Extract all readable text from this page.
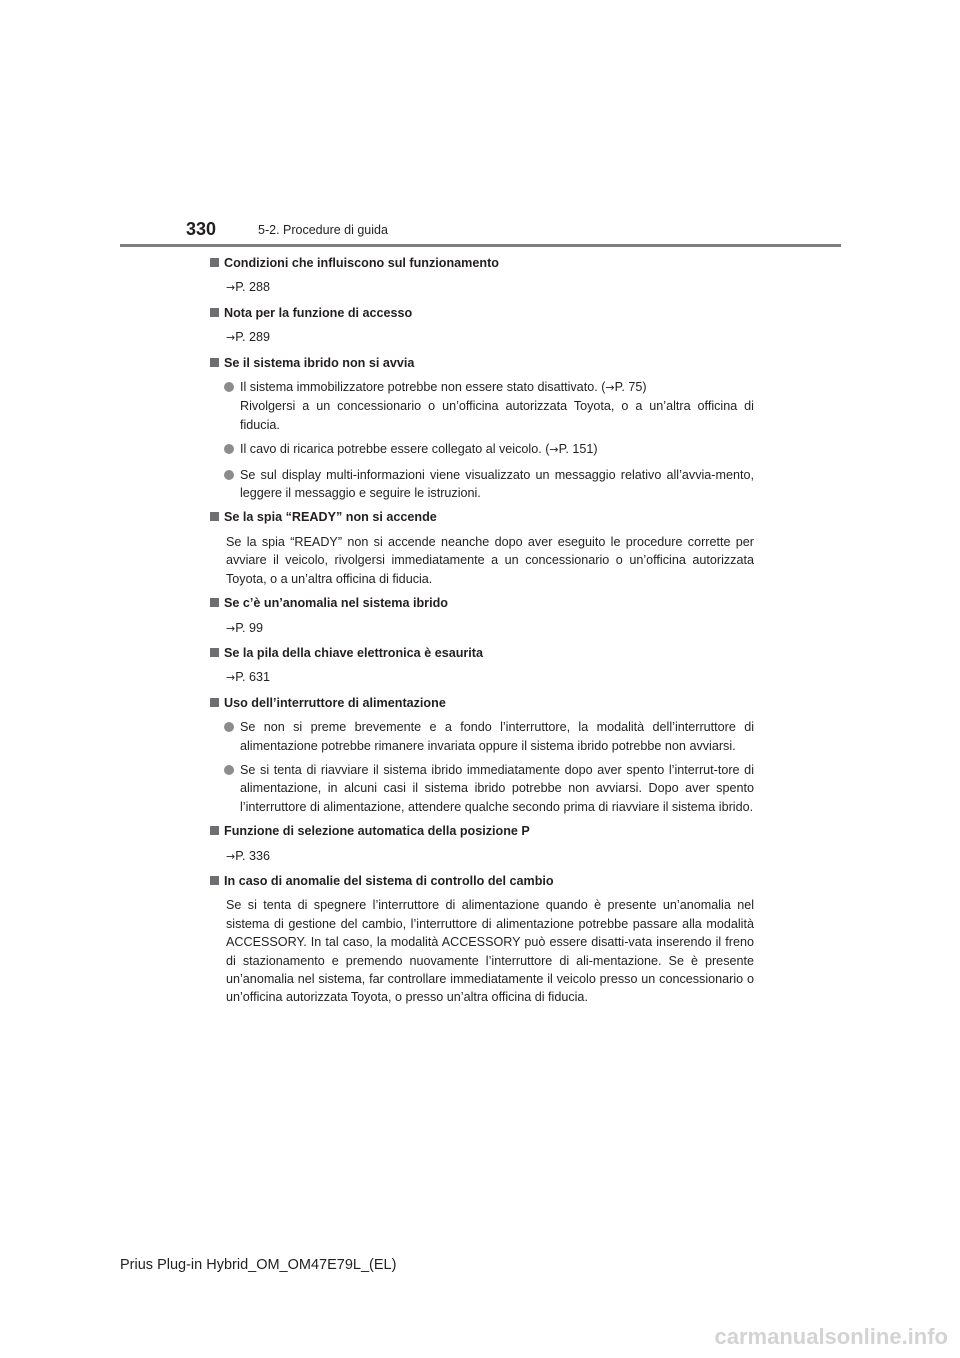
330	5-2. Procedure di guida
Condizioni che influiscono sul funzionamento
→P. 288
Nota per la funzione di accesso
→P. 289
Se il sistema ibrido non si avvia
Il sistema immobilizzatore potrebbe non essere stato disattivato. (→P. 75)
Rivolgersi a un concessionario o un’officina autorizzata Toyota, o a un’altra officina di fiducia.
Il cavo di ricarica potrebbe essere collegato al veicolo. (→P. 151)
Se sul display multi-informazioni viene visualizzato un messaggio relativo all’avvia-mento, leggere il messaggio e seguire le istruzioni.
Se la spia “READY” non si accende
Se la spia “READY” non si accende neanche dopo aver eseguito le procedure corrette per avviare il veicolo, rivolgersi immediatamente a un concessionario o un’officina autorizzata Toyota, o a un’altra officina di fiducia.
Se c’è un’anomalia nel sistema ibrido
→P. 99
Se la pila della chiave elettronica è esaurita
→P. 631
Uso dell’interruttore di alimentazione
Se non si preme brevemente e a fondo l’interruttore, la modalità dell’interruttore di alimentazione potrebbe rimanere invariata oppure il sistema ibrido potrebbe non avviarsi.
Se si tenta di riavviare il sistema ibrido immediatamente dopo aver spento l’interrut-tore di alimentazione, in alcuni casi il sistema ibrido potrebbe non avviarsi. Dopo aver spento l’interruttore di alimentazione, attendere qualche secondo prima di riavviare il sistema ibrido.
Funzione di selezione automatica della posizione P
→P. 336
In caso di anomalie del sistema di controllo del cambio
Se si tenta di spegnere l’interruttore di alimentazione quando è presente un’anomalia nel sistema di gestione del cambio, l’interruttore di alimentazione potrebbe passare alla modalità ACCESSORY. In tal caso, la modalità ACCESSORY può essere disatti-vata inserendo il freno di stazionamento e premendo nuovamente l’interruttore di ali-mentazione. Se è presente un’anomalia nel sistema, far controllare immediatamente il veicolo presso un concessionario o un’officina autorizzata Toyota, o presso un’altra officina di fiducia.
Prius Plug-in Hybrid_OM_OM47E79L_(EL)
carmanualsonline.info
